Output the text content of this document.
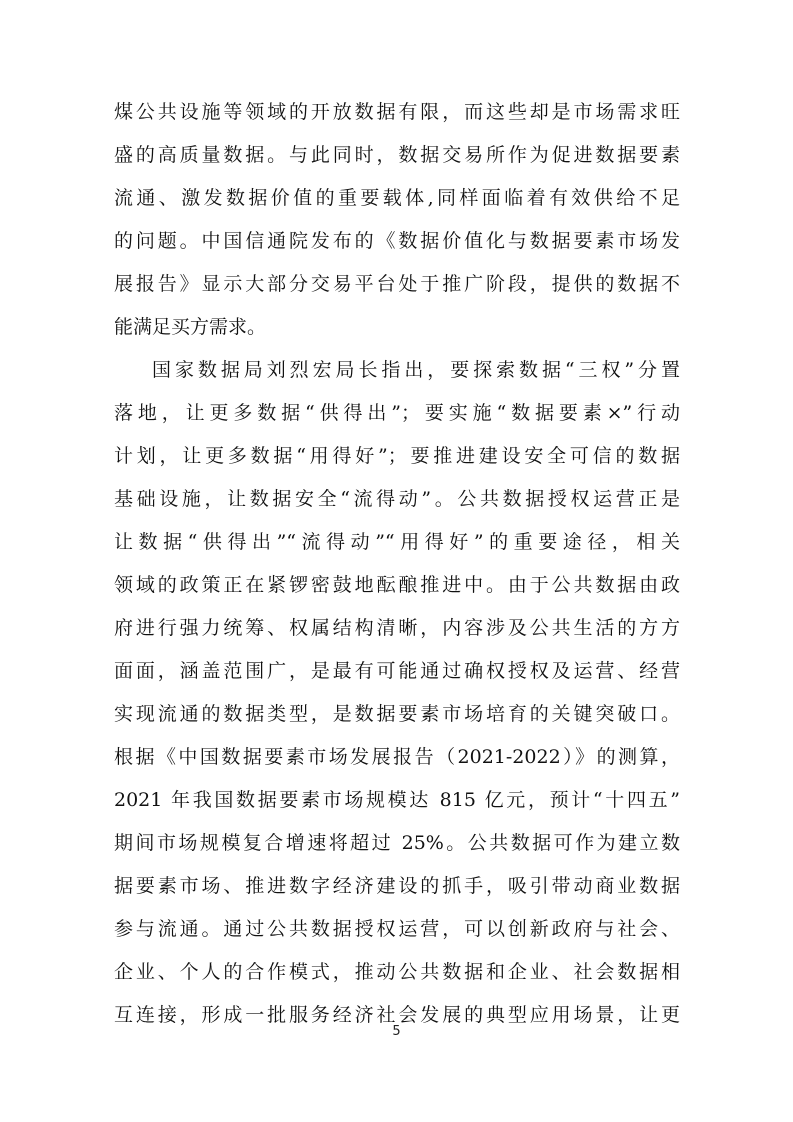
煤公共设施等领域的开放数据有限，而这些却是市场需求旺
盛的高质量数据。与此同时，数据交易所作为促进数据要素
流通、激发数据价值的重要载体,同样面临着有效供给不足
的问题。中国信通院发布的《数据价值化与数据要素市场发
展报告》显示大部分交易平台处于推广阶段，提供的数据不
能满足买方需求。
国家数据局刘烈宏局长指出，要探索数据“三权”分置
落地，让更多数据“供得出”；要实施“数据要素×”行动
计划，让更多数据“用得好”；要推进建设安全可信的数据
基础设施，让数据安全“流得动”。公共数据授权运营正是
让数据“供得出”“流得动”“用得好”的重要途径，相关
领域的政策正在紧锣密鼓地酝酿推进中。由于公共数据由政
府进行强力统筹、权属结构清晰，内容涉及公共生活的方方
面面，涵盖范围广，是最有可能通过确权授权及运营、经营
实现流通的数据类型，是数据要素市场培育的关键突破口。
根据《中国数据要素市场发展报告（2021-2022）》的测算，
2021 年我国数据要素市场规模达 815 亿元，预计“十四五”
期间市场规模复合增速将超过 25%。公共数据可作为建立数
据要素市场、推进数字经济建设的抓手，吸引带动商业数据
参与流通。通过公共数据授权运营，可以创新政府与社会、
企业、个人的合作模式，推动公共数据和企业、社会数据相
互连接，形成一批服务经济社会发展的典型应用场景，让更
5
